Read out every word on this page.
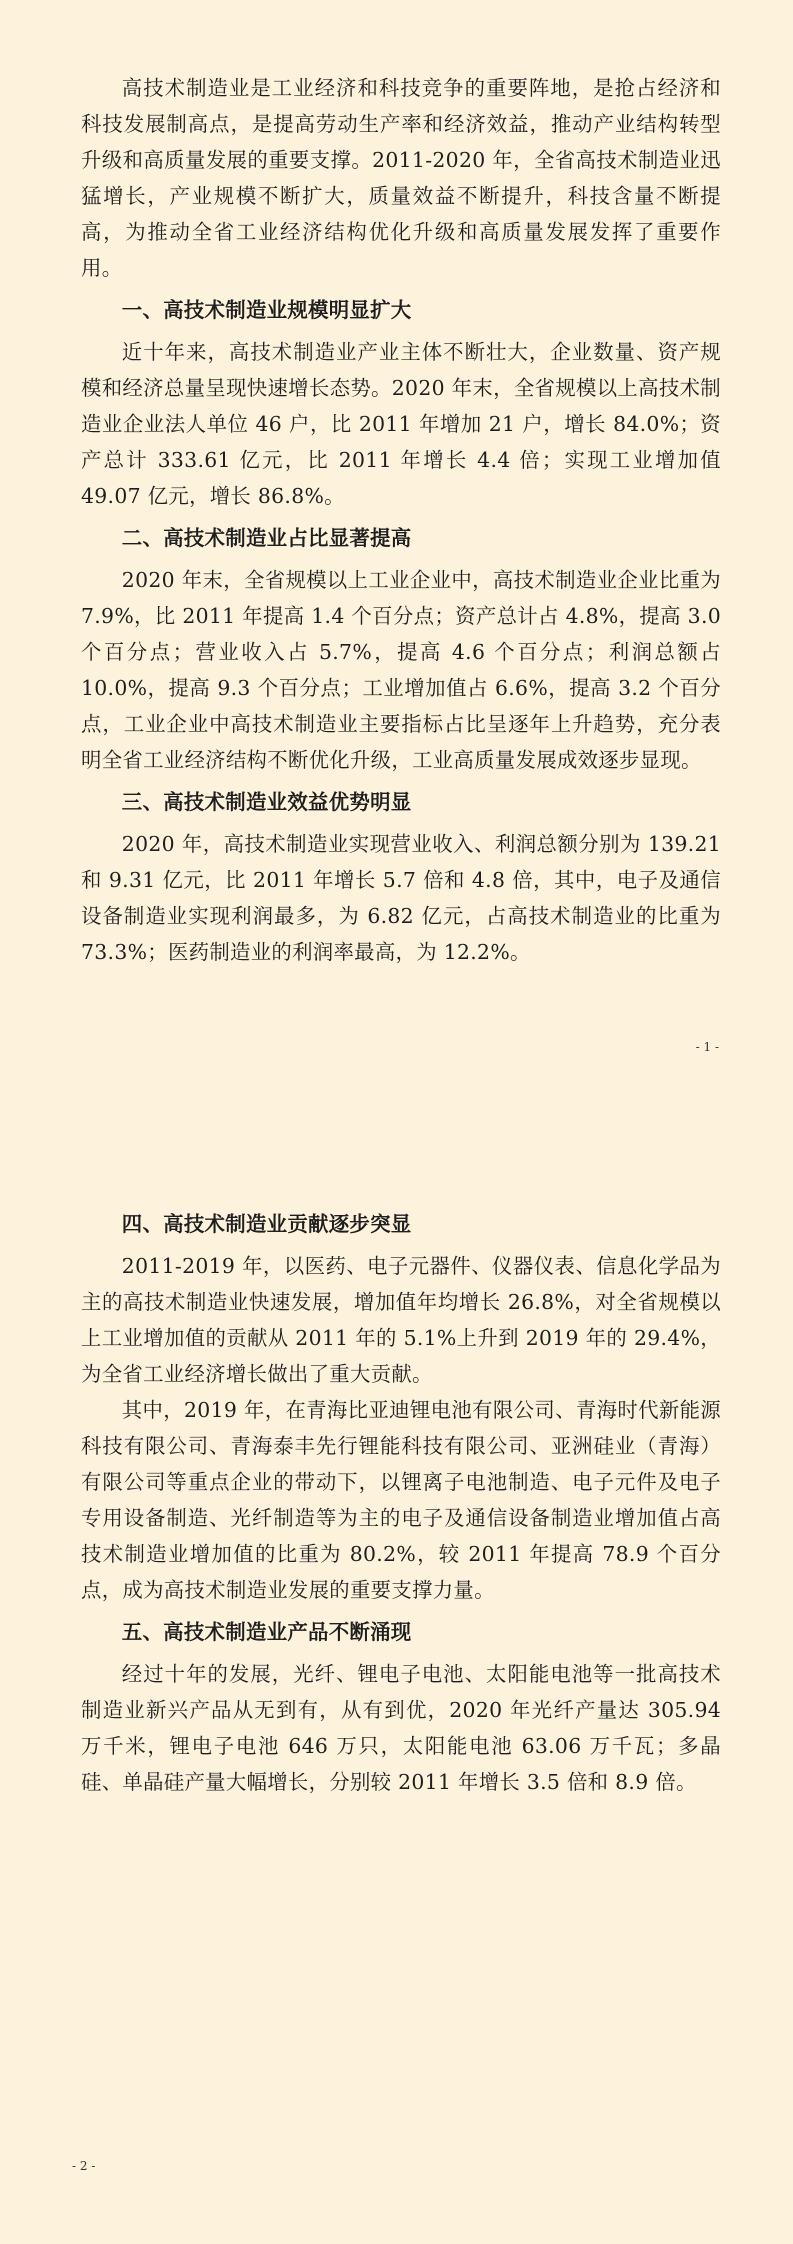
高技术制造业是工业经济和科技竞争的重要阵地，是抢占经济和科技发展制高点，是提高劳动生产率和经济效益，推动产业结构转型升级和高质量发展的重要支撑。2011-2020 年，全省高技术制造业迅猛增长，产业规模不断扩大，质量效益不断提升，科技含量不断提高，为推动全省工业经济结构优化升级和高质量发展发挥了重要作用。

一、高技术制造业规模明显扩大

近十年来，高技术制造业产业主体不断壮大，企业数量、资产规模和经济总量呈现快速增长态势。2020 年末，全省规模以上高技术制造业企业法人单位 46 户，比 2011 年增加 21 户，增长 84.0%；资产总计 333.61 亿元，比 2011 年增长 4.4 倍；实现工业增加值 49.07 亿元，增长 86.8%。

二、高技术制造业占比显著提高

2020 年末，全省规模以上工业企业中，高技术制造业企业比重为 7.9%，比 2011 年提高 1.4 个百分点；资产总计占 4.8%，提高 3.0 个百分点；营业收入占 5.7%，提高 4.6 个百分点；利润总额占 10.0%，提高 9.3 个百分点；工业增加值占 6.6%，提高 3.2 个百分点，工业企业中高技术制造业主要指标占比呈逐年上升趋势，充分表明全省工业经济结构不断优化升级，工业高质量发展成效逐步显现。

三、高技术制造业效益优势明显

2020 年，高技术制造业实现营业收入、利润总额分别为 139.21 和 9.31 亿元，比 2011 年增长 5.7 倍和 4.8 倍，其中，电子及通信设备制造业实现利润最多，为 6.82 亿元，占高技术制造业的比重为 73.3%；医药制造业的利润率最高，为 12.2%。

- 1 -
四、高技术制造业贡献逐步突显

2011-2019 年，以医药、电子元器件、仪器仪表、信息化学品为主的高技术制造业快速发展，增加值年均增长 26.8%，对全省规模以上工业增加值的贡献从 2011 年的 5.1%上升到 2019 年的 29.4%，为全省工业经济增长做出了重大贡献。

其中，2019 年，在青海比亚迪锂电池有限公司、青海时代新能源科技有限公司、青海泰丰先行锂能科技有限公司、亚洲硅业（青海）有限公司等重点企业的带动下，以锂离子电池制造、电子元件及电子专用设备制造、光纤制造等为主的电子及通信设备制造业增加值占高技术制造业增加值的比重为 80.2%，较 2011 年提高 78.9 个百分点，成为高技术制造业发展的重要支撑力量。

五、高技术制造业产品不断涌现

经过十年的发展，光纤、锂电子电池、太阳能电池等一批高技术制造业新兴产品从无到有，从有到优，2020 年光纤产量达 305.94 万千米，锂电子电池 646 万只，太阳能电池 63.06 万千瓦；多晶硅、单晶硅产量大幅增长，分别较 2011 年增长 3.5 倍和 8.9 倍。

- 2 -
